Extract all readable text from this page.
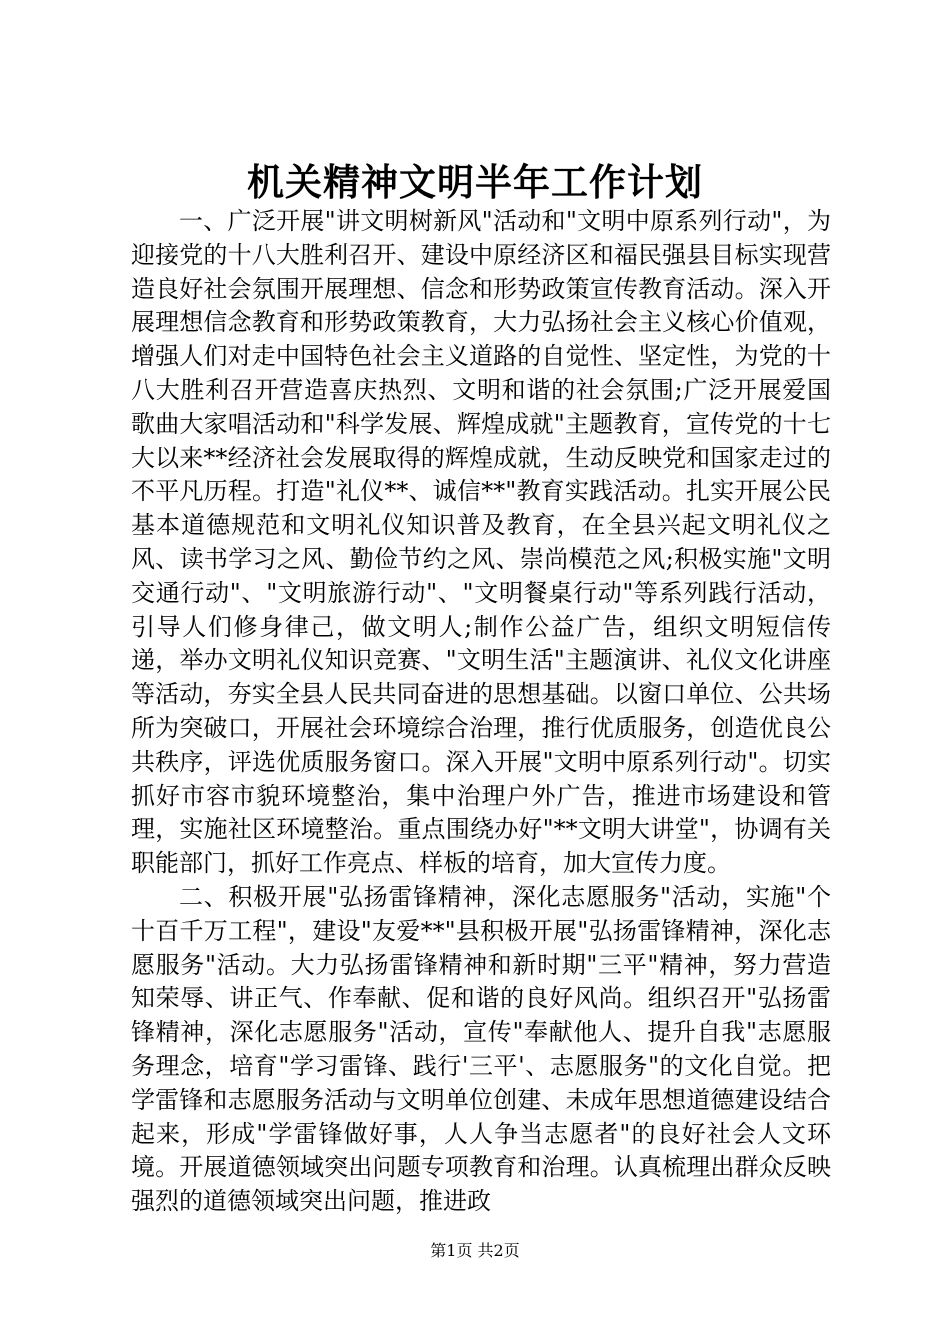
机关精神文明半年工作计划

一、广泛开展"讲文明树新风"活动和"文明中原系列行动"，为迎接党的十八大胜利召开、建设中原经济区和福民强县目标实现营造良好社会氛围开展理想、信念和形势政策宣传教育活动。深入开展理想信念教育和形势政策教育，大力弘扬社会主义核心价值观，增强人们对走中国特色社会主义道路的自觉性、坚定性，为党的十八大胜利召开营造喜庆热烈、文明和谐的社会氛围;广泛开展爱国歌曲大家唱活动和"科学发展、辉煌成就"主题教育，宣传党的十七大以来**经济社会发展取得的辉煌成就，生动反映党和国家走过的不平凡历程。打造"礼仪**、诚信**"教育实践活动。扎实开展公民基本道德规范和文明礼仪知识普及教育，在全县兴起文明礼仪之风、读书学习之风、勤俭节约之风、崇尚模范之风;积极实施"文明交通行动"、"文明旅游行动"、"文明餐桌行动"等系列践行活动，引导人们修身律己，做文明人;制作公益广告，组织文明短信传递，举办文明礼仪知识竞赛、"文明生活"主题演讲、礼仪文化讲座等活动，夯实全县人民共同奋进的思想基础。以窗口单位、公共场所为突破口，开展社会环境综合治理，推行优质服务，创造优良公共秩序，评选优质服务窗口。深入开展"文明中原系列行动"。切实抓好市容市貌环境整治，集中治理户外广告，推进市场建设和管理，实施社区环境整治。重点围绕办好"**文明大讲堂"，协调有关职能部门，抓好工作亮点、样板的培育，加大宣传力度。

二、积极开展"弘扬雷锋精神，深化志愿服务"活动，实施"个十百千万工程"，建设"友爱**"县积极开展"弘扬雷锋精神，深化志愿服务"活动。大力弘扬雷锋精神和新时期"三平"精神，努力营造知荣辱、讲正气、作奉献、促和谐的良好风尚。组织召开"弘扬雷锋精神，深化志愿服务"活动，宣传"奉献他人、提升自我"志愿服务理念，培育"学习雷锋、践行'三平'、志愿服务"的文化自觉。把学雷锋和志愿服务活动与文明单位创建、未成年思想道德建设结合起来，形成"学雷锋做好事，人人争当志愿者"的良好社会人文环境。开展道德领域突出问题专项教育和治理。认真梳理出群众反映强烈的道德领域突出问题，推进政

第1页 共2页
